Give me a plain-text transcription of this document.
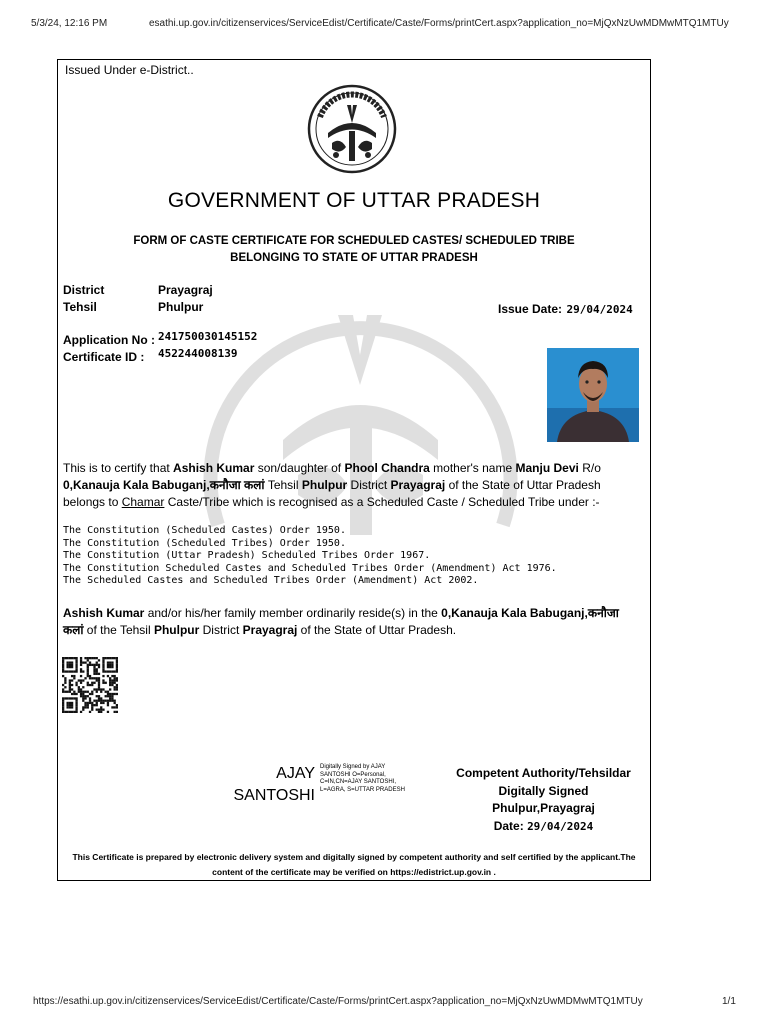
5/3/24, 12:16 PM	esathi.up.gov.in/citizenservices/ServiceEdist/Certificate/Caste/Forms/printCert.aspx?application_no=MjQxNzUwMDMwMTQ1MTUy
Issued Under e-District..
GOVERNMENT OF UTTAR PRADESH
FORM OF CASTE CERTIFICATE FOR SCHEDULED CASTES/ SCHEDULED TRIBE
BELONGING TO STATE OF UTTAR PRADESH
District	Prayagraj
Tehsil	Phulpur	Issue Date: 29/04/2024
Application No : 241750030145152
Certificate ID : 452244008139
This is to certify that Ashish Kumar son/daughter of Phool Chandra mother's name Manju Devi R/o
0,Kanauja Kala Babuganj,कनौजा कलां Tehsil Phulpur District Prayagraj of the State of Uttar Pradesh
belongs to Chamar Caste/Tribe which is recognised as a Scheduled Caste / Scheduled Tribe under :-
The Constitution (Scheduled Castes) Order 1950.
The Constitution (Scheduled Tribes) Order 1950.
The Constitution (Uttar Pradesh) Scheduled Tribes Order 1967.
The Constitution Scheduled Castes and Scheduled Tribes Order (Amendment) Act 1976.
The Scheduled Castes and Scheduled Tribes Order (Amendment) Act 2002.
Ashish Kumar and/or his/her family member ordinarily reside(s) in the 0,Kanauja Kala Babuganj,कनौजा
कलां of the Tehsil Phulpur District Prayagraj of the State of Uttar Pradesh.
AJAY
SANTOSHI
Digitally Signed by AJAY
SANTOSHI O=Personal,
C=IN,CN=AJAY SANTOSHI,
L=AGRA, S=UTTAR PRADESH
Competent Authority/Tehsildar
Digitally Signed
Phulpur,Prayagraj
Date: 29/04/2024
This Certificate is prepared by electronic delivery system and digitally signed by competent authority and self certified by the applicant.The
content of the certificate may be verified on https://edistrict.up.gov.in .
https://esathi.up.gov.in/citizenservices/ServiceEdist/Certificate/Caste/Forms/printCert.aspx?application_no=MjQxNzUwMDMwMTQ1MTUy	1/1
